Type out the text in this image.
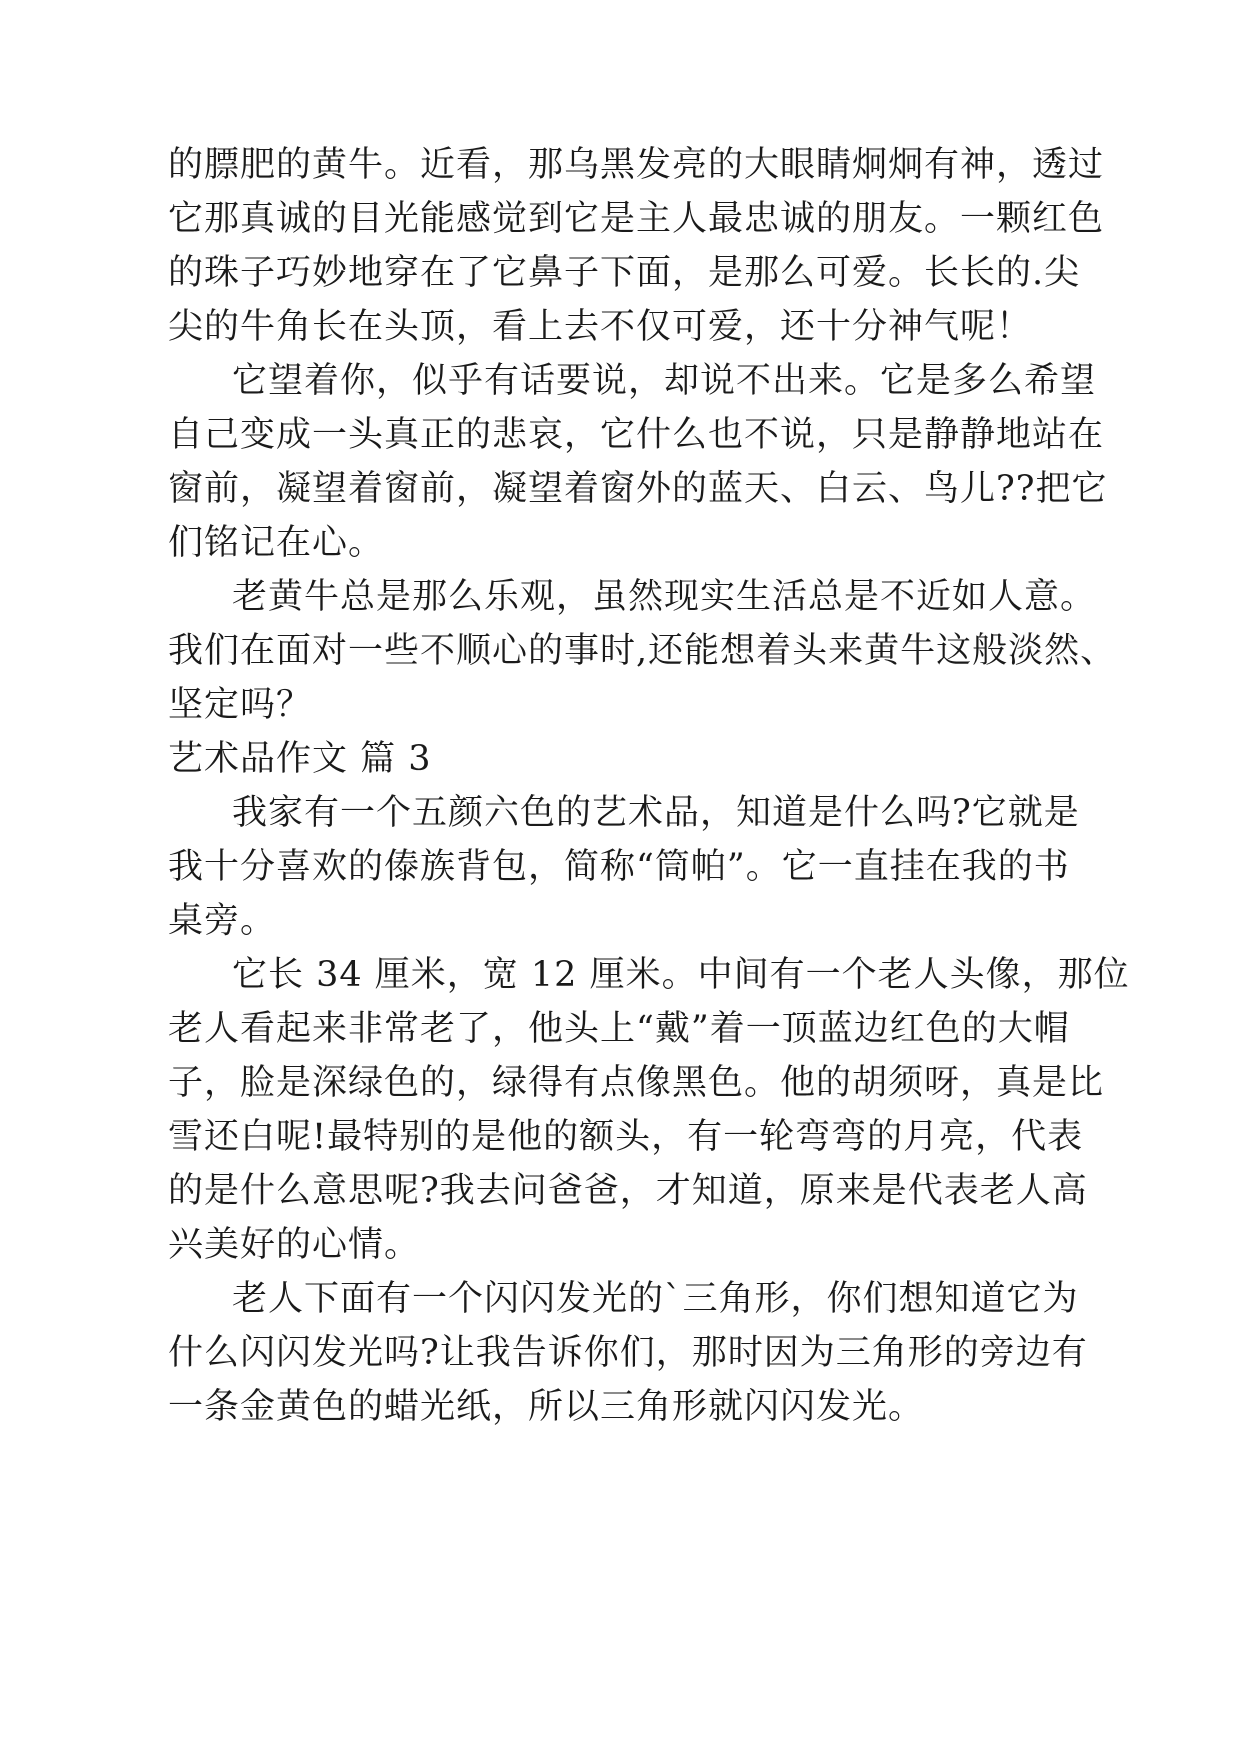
的膘肥的黄牛。近看，那乌黑发亮的大眼睛炯炯有神，透过
它那真诚的目光能感觉到它是主人最忠诚的朋友。一颗红色
的珠子巧妙地穿在了它鼻子下面，是那么可爱。长长的.尖
尖的牛角长在头顶，看上去不仅可爱，还十分神气呢！
它望着你，似乎有话要说，却说不出来。它是多么希望
自己变成一头真正的悲哀，它什么也不说，只是静静地站在
窗前，凝望着窗前，凝望着窗外的蓝天、白云、鸟儿??把它
们铭记在心。
老黄牛总是那么乐观，虽然现实生活总是不近如人意。
我们在面对一些不顺心的事时,还能想着头来黄牛这般淡然、
坚定吗？
艺术品作文 篇 3
我家有一个五颜六色的艺术品，知道是什么吗?它就是
我十分喜欢的傣族背包，简称“筒帕”。它一直挂在我的书
桌旁。
它长 34 厘米，宽 12 厘米。中间有一个老人头像，那位
老人看起来非常老了，他头上“戴”着一顶蓝边红色的大帽
子，脸是深绿色的，绿得有点像黑色。他的胡须呀，真是比
雪还白呢!最特别的是他的额头，有一轮弯弯的月亮，代表
的是什么意思呢?我去问爸爸，才知道，原来是代表老人高
兴美好的心情。
老人下面有一个闪闪发光的`三角形，你们想知道它为
什么闪闪发光吗?让我告诉你们，那时因为三角形的旁边有
一条金黄色的蜡光纸，所以三角形就闪闪发光。
